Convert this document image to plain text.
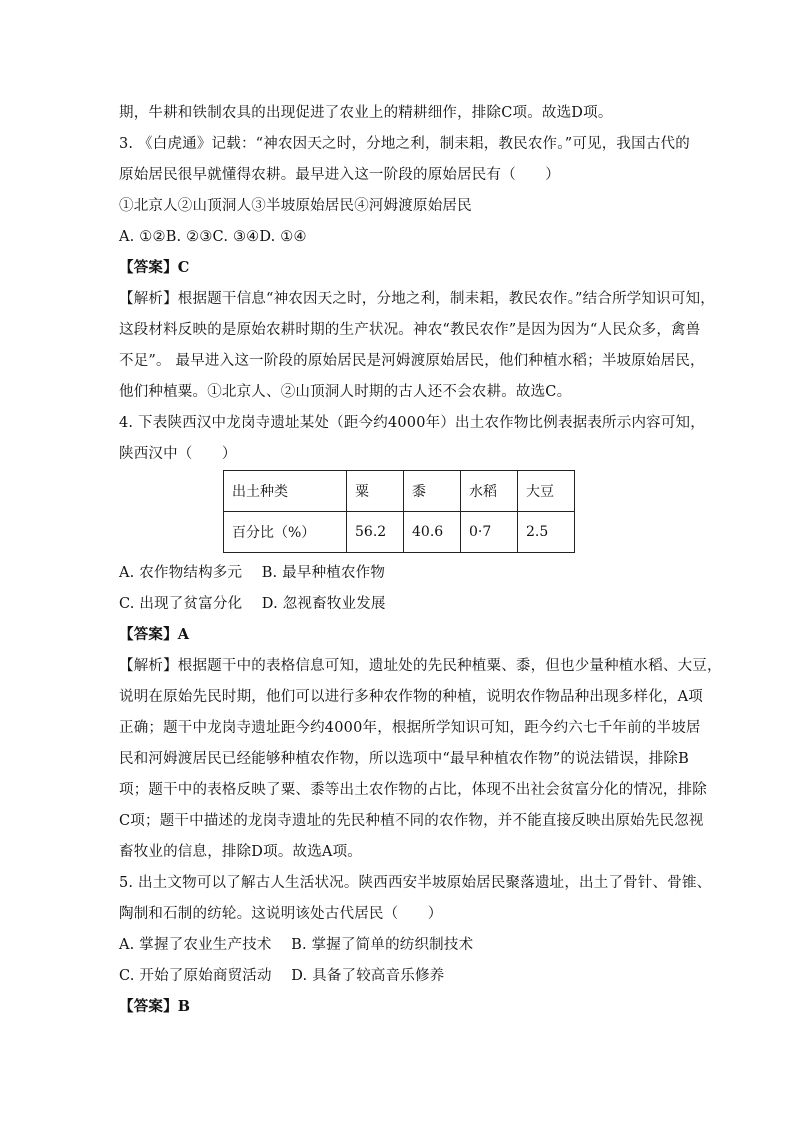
期，牛耕和铁制农具的出现促进了农业上的精耕细作，排除C项。故选D项。
3. 《白虎通》记载：“神农因天之时，分地之利，制耒耜，教民农作。”可见，我国古代的
原始居民很早就懂得农耕。最早进入这一阶段的原始居民有（　　）
①北京人②山顶洞人③半坡原始居民④河姆渡原始居民
A. ①②B. ②③C. ③④D. ①④
【答案】C
【解析】根据题干信息“神农因天之时，分地之利，制耒耜，教民农作。”结合所学知识可知，
这段材料反映的是原始农耕时期的生产状况。神农“教民农作”是因为因为“人民众多，禽兽
不足”。 最早进入这一阶段的原始居民是河姆渡原始居民，他们种植水稻；半坡原始居民，
他们种植粟。①北京人、②山顶洞人时期的古人还不会农耕。故选C。
4. 下表陕西汉中龙岗寺遗址某处（距今约4000年）出土农作物比例表据表所示内容可知，
陕西汉中（　　）
出土种类	粟	黍	水稻	大豆
百分比（%）	56.2	40.6	0·7	2.5
A. 农作物结构多元　 B. 最早种植农作物
C. 出现了贫富分化　 D. 忽视畜牧业发展
【答案】A
【解析】根据题干中的表格信息可知，遗址处的先民种植粟、黍，但也少量种植水稻、大豆，
说明在原始先民时期，他们可以进行多种农作物的种植，说明农作物品种出现多样化，A项
正确；题干中龙岗寺遗址距今约4000年，根据所学知识可知，距今约六七千年前的半坡居
民和河姆渡居民已经能够种植农作物，所以选项中“最早种植农作物”的说法错误，排除B
项；题干中的表格反映了粟、黍等出土农作物的占比，体现不出社会贫富分化的情况，排除
C项；题干中描述的龙岗寺遗址的先民种植不同的农作物，并不能直接反映出原始先民忽视
畜牧业的信息，排除D项。故选A项。
5. 出土文物可以了解古人生活状况。陕西西安半坡原始居民聚落遗址，出土了骨针、骨锥、
陶制和石制的纺轮。这说明该处古代居民（　　）
A. 掌握了农业生产技术　 B. 掌握了简单的纺织制技术
C. 开始了原始商贸活动　 D. 具备了较高音乐修养
【答案】B
